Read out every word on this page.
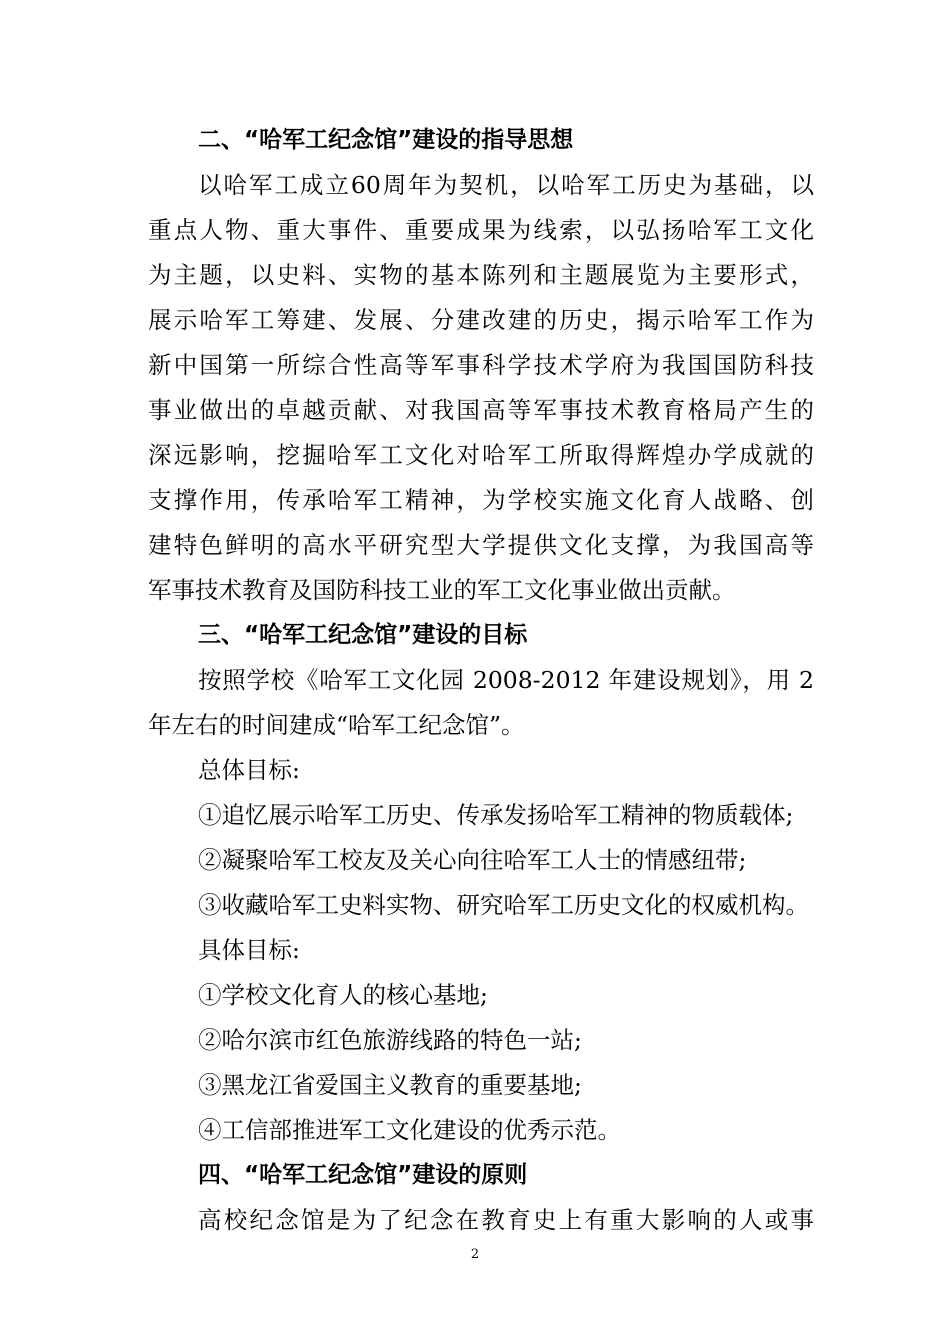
二、“哈军工纪念馆”建设的指导思想
以哈军工成立60周年为契机，以哈军工历史为基础，以
重点人物、重大事件、重要成果为线索，以弘扬哈军工文化
为主题，以史料、实物的基本陈列和主题展览为主要形式，
展示哈军工筹建、发展、分建改建的历史，揭示哈军工作为
新中国第一所综合性高等军事科学技术学府为我国国防科技
事业做出的卓越贡献、对我国高等军事技术教育格局产生的
深远影响，挖掘哈军工文化对哈军工所取得辉煌办学成就的
支撑作用，传承哈军工精神，为学校实施文化育人战略、创
建特色鲜明的高水平研究型大学提供文化支撑，为我国高等
军事技术教育及国防科技工业的军工文化事业做出贡献。
三、“哈军工纪念馆”建设的目标
按照学校《哈军工文化园 2008-2012 年建设规划》，用 2
年左右的时间建成“哈军工纪念馆”。
总体目标:
①追忆展示哈军工历史、传承发扬哈军工精神的物质载体;
②凝聚哈军工校友及关心向往哈军工人士的情感纽带;
③收藏哈军工史料实物、研究哈军工历史文化的权威机构。
具体目标:
①学校文化育人的核心基地;
②哈尔滨市红色旅游线路的特色一站;
③黑龙江省爱国主义教育的重要基地;
④工信部推进军工文化建设的优秀示范。
四、“哈军工纪念馆”建设的原则
高校纪念馆是为了纪念在教育史上有重大影响的人或事
2
